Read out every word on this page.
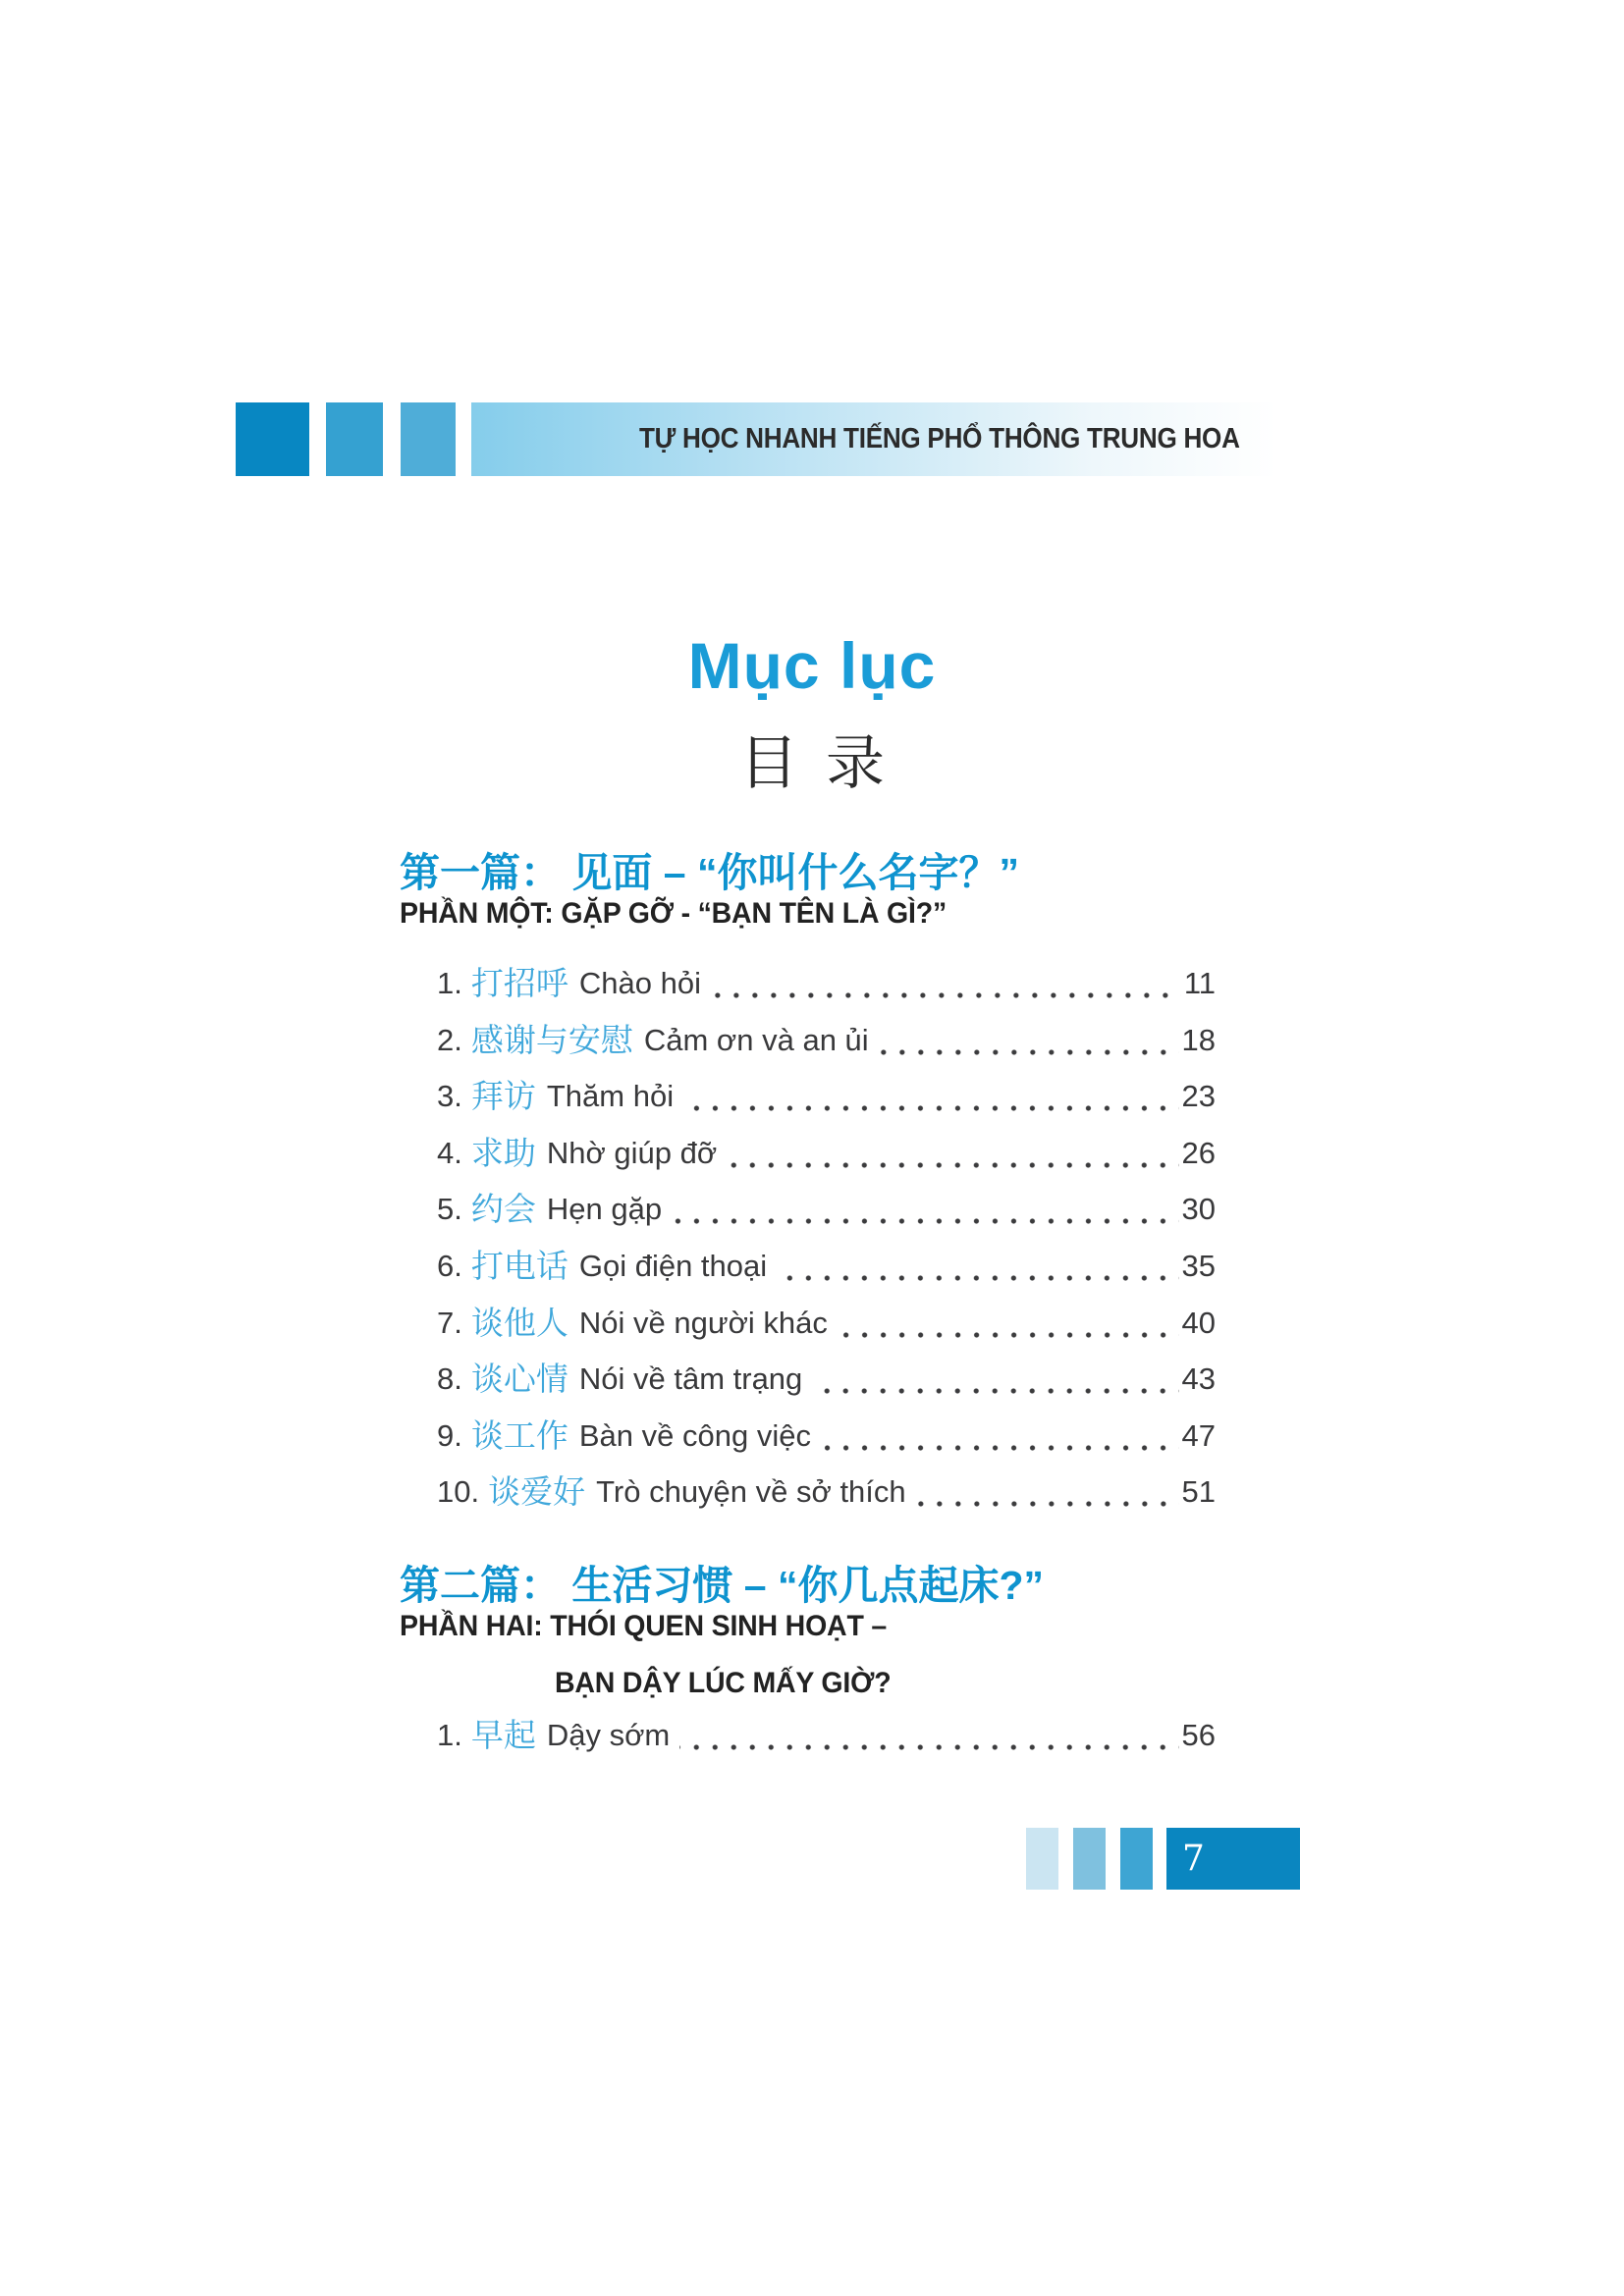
TỰ HỌC NHANH TIẾNG PHỔ THÔNG TRUNG HOA
Mục lục
目录
第一篇： 见面 – “你叫什么名字？”
PHẦN MỘT: GẶP GỠ - “BẠN TÊN LÀ GÌ?”
1. 打招呼 Chào hỏi	11
2. 感谢与安慰 Cảm ơn và an ủi	18
3. 拜访 Thăm hỏi	23
4. 求助 Nhờ giúp đỡ	26
5. 约会 Hẹn gặp	30
6. 打电话 Gọi điện thoại	35
7. 谈他人 Nói về người khác	40
8. 谈心情 Nói về tâm trạng	43
9. 谈工作 Bàn về công việc	47
10. 谈爱好 Trò chuyện về sở thích	51
第二篇： 生活习惯 – “你几点起床?”
PHẦN HAI: THÓI QUEN SINH HOẠT –
BẠN DẬY LÚC MẤY GIỜ?
1. 早起 Dậy sớm	56
7
